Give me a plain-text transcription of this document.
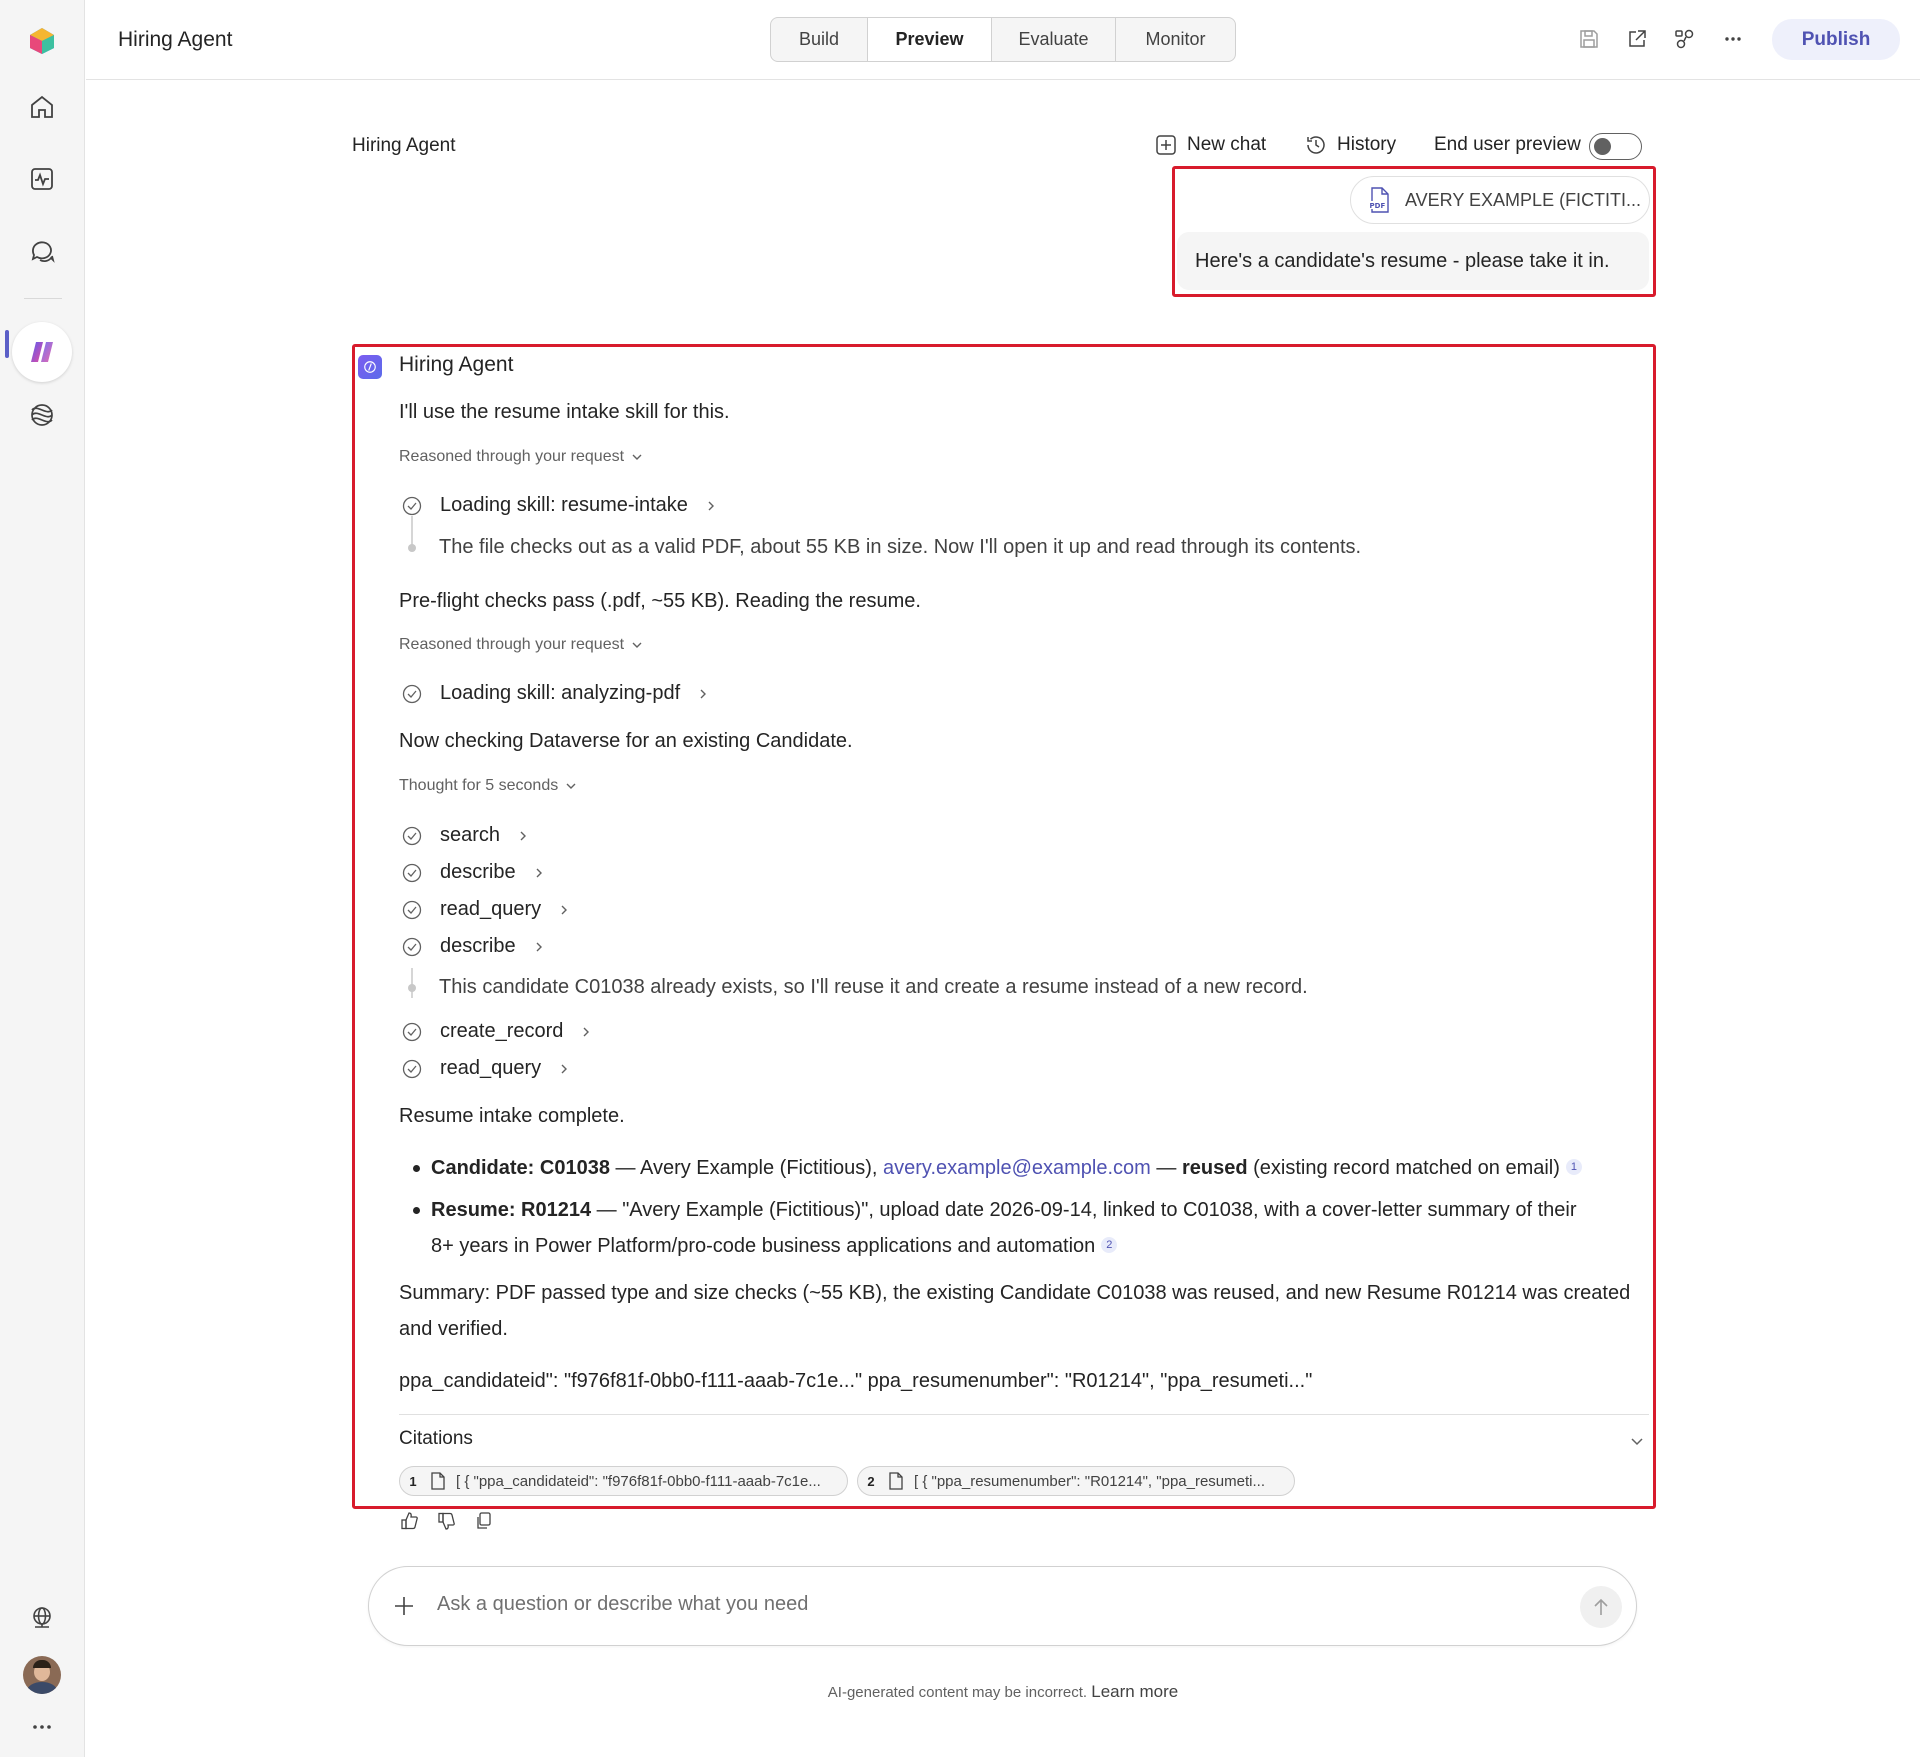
Hiring Agent	Build	Preview	Evaluate	Monitor	Publish
Hiring Agent	New chat	History End user preview
PDF AVERY EXAMPLE (FICTITI...
Here's a candidate's resume - please take it in.
Hiring Agent
I'll use the resume intake skill for this.
Reasoned through your request
Loading skill: resume-intake
The file checks out as a valid PDF, about 55 KB in size. Now I'll open it up and read through its contents.
Pre-flight checks pass (.pdf, ~55 KB). Reading the resume.
Reasoned through your request
Loading skill: analyzing-pdf
Now checking Dataverse for an existing Candidate.
Thought for 5 seconds
search
describe
read_query
describe
This candidate C01038 already exists, so I'll reuse it and create a resume instead of a new record.
create_record
read_query
Resume intake complete.
Candidate: C01038 — Avery Example (Fictitious), avery.example@example.com — reused (existing record matched on email) 1
Resume: R01214 — "Avery Example (Fictitious)", upload date 2026-09-14, linked to C01038, with a cover-letter summary of their
8+ years in Power Platform/pro-code business applications and automation 2
Summary: PDF passed type and size checks (~55 KB), the existing Candidate C01038 was reused, and new Resume R01214 was created
and verified.
ppa_candidateid": "f976f81f-0bb0-f111-aaab-7c1e..." ppa_resumenumber": "R01214", "ppa_resumeti..."
Citations
1	[ { "ppa_candidateid": "f976f81f-0bb0-f111-aaab-7c1e...	2	[ { "ppa_resumenumber": "R01214", "ppa_resumeti...
Ask a question or describe what you need
AI-generated content may be incorrect. Learn more
